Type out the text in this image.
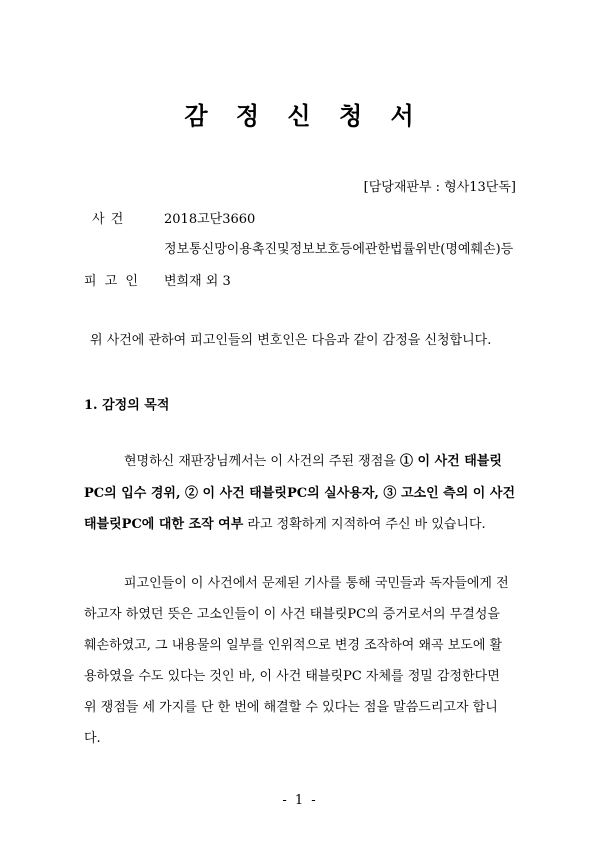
감 정 신 청 서
[담당재판부 : 형사13단독]
사 건	2018고단3660
정보통신망이용촉진및정보보호등에관한법률위반(명예훼손)등
피 고 인 변희재 외 3
위 사건에 관하여 피고인들의 변호인은 다음과 같이 감정을 신청합니다.
1. 감정의 목적
현명하신 재판장님께서는 이 사건의 주된 쟁점을 ① 이 사건 태블릿
PC의 입수 경위, ② 이 사건 태블릿PC의 실사용자, ③ 고소인 측의 이 사건
태블릿PC에 대한 조작 여부 라고 정확하게 지적하여 주신 바 있습니다.
피고인들이 이 사건에서 문제된 기사를 통해 국민들과 독자들에게 전
하고자 하였던 뜻은 고소인들이 이 사건 태블릿PC의 증거로서의 무결성을
훼손하였고, 그 내용물의 일부를 인위적으로 변경 조작하여 왜곡 보도에 활
용하였을 수도 있다는 것인 바, 이 사건 태블릿PC 자체를 정밀 감정한다면
위 쟁점들 세 가지를 단 한 번에 해결할 수 있다는 점을 말씀드리고자 합니
다.
- 1 -
